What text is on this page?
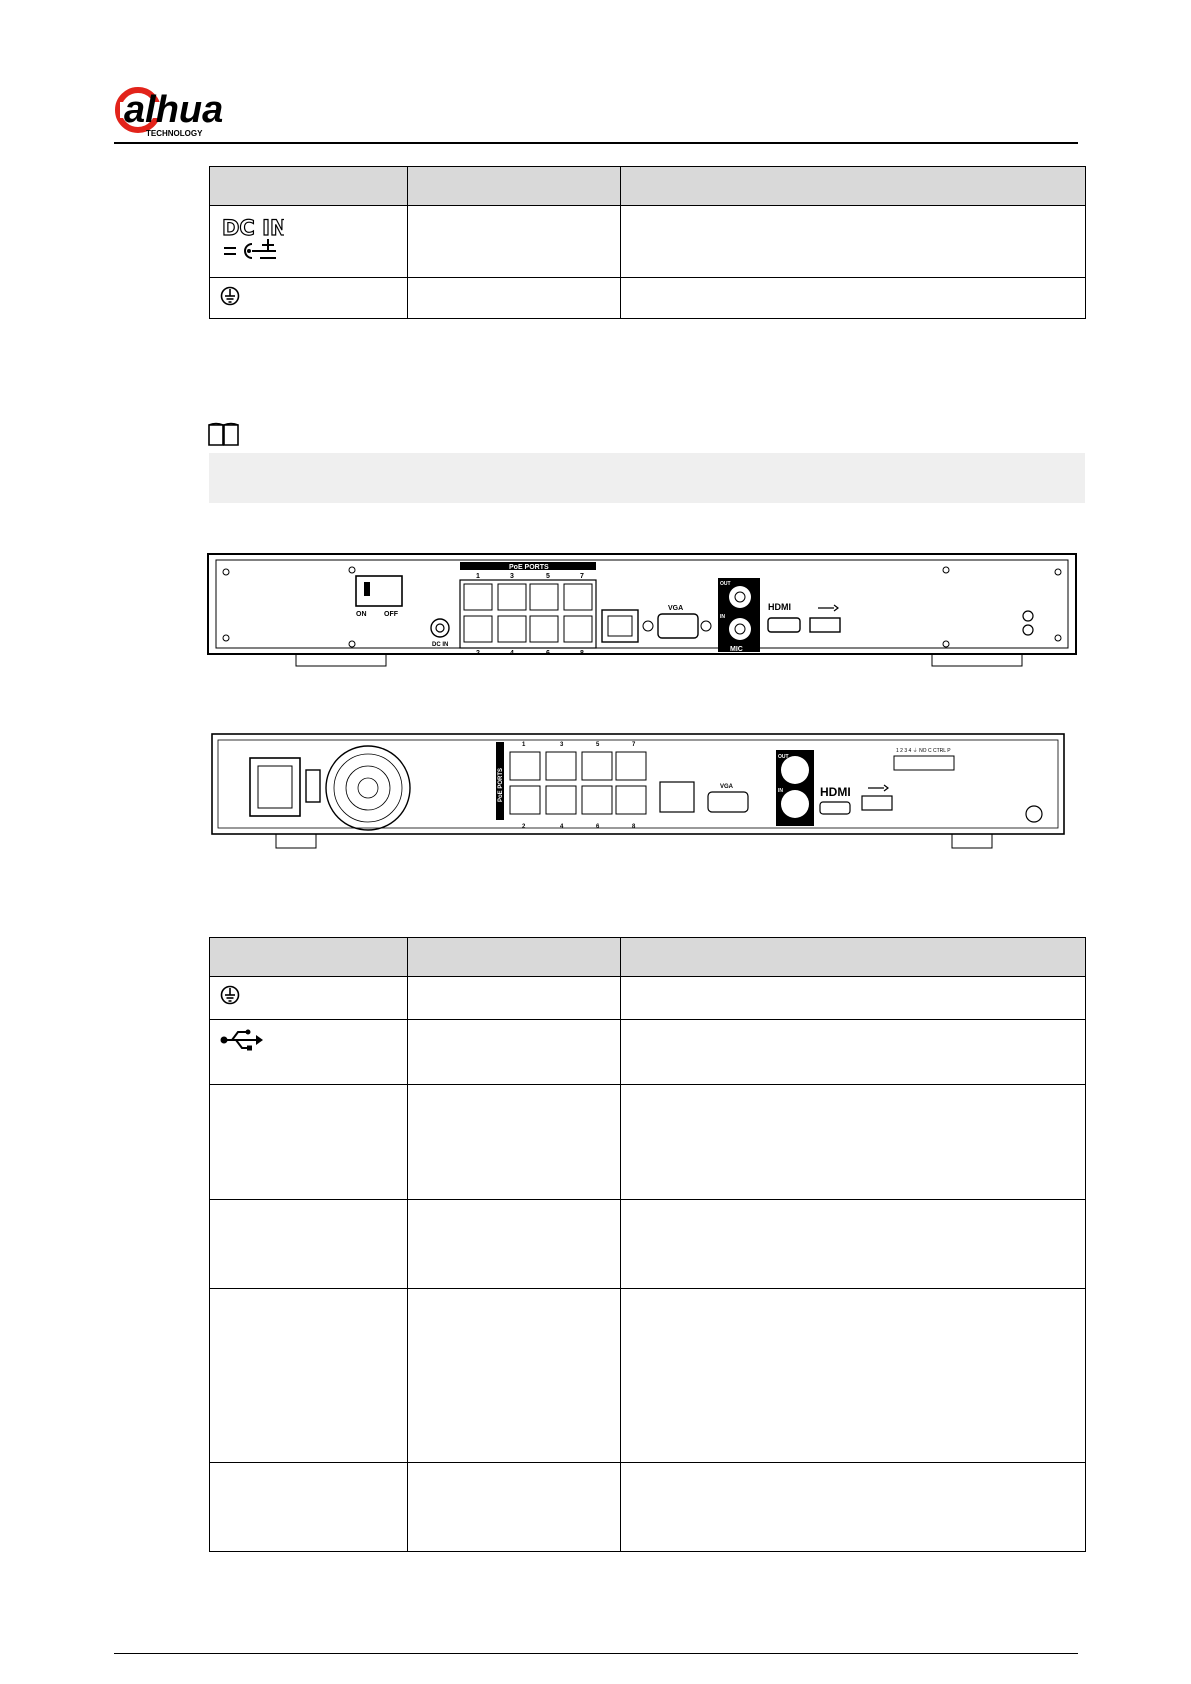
alhua
TECHNOLOGY

DC IN		

ON	OFF
DC IN
PoE PORTS
1	3	5	7
2	4	6	8
VGA
OUT
IN
MIC
HDMI
PoE PORTS
1	3	5	7
2	4	6	8
VGA
OUT
IN
MIC
HDMI
1 2 3 4 ⏚ NO C CTRL P
